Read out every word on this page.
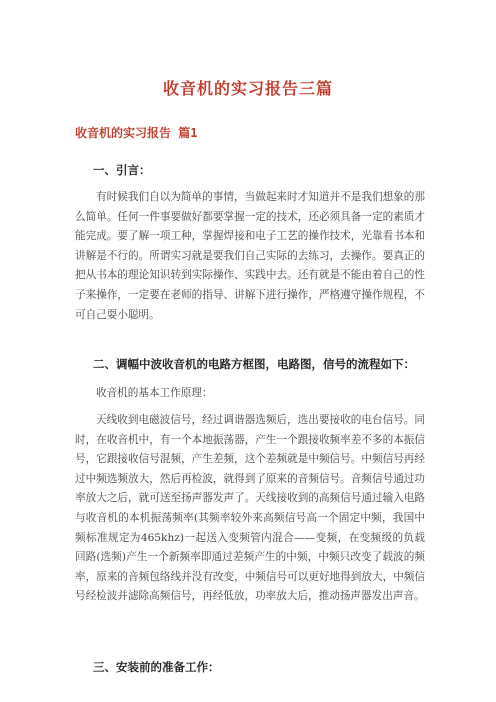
收音机的实习报告三篇
收音机的实习报告 篇1
一、引言：
有时候我们自以为简单的事情，当做起来时才知道并不是我们想象的那么简单。任何一件事要做好都要掌握一定的技术，还必须具备一定的素质才能完成。要了解一项工种，掌握焊接和电子工艺的操作技术，光靠看书本和讲解是不行的。所谓实习就是要我们自己实际的去练习，去操作。要真正的把从书本的理论知识转到实际操作、实践中去。还有就是不能由着自己的性子来操作，一定要在老师的指导、讲解下进行操作，严格遵守操作规程，不可自己耍小聪明。
二、调幅中波收音机的电路方框图，电路图，信号的流程如下：
收音机的基本工作原理：
天线收到电磁波信号，经过调谐器选频后，选出要接收的电台信号。同时，在收音机中，有一个本地振荡器，产生一个跟接收频率差不多的本振信号，它跟接收信号混频，产生差频，这个差频就是中频信号。中频信号再经过中频选频放大，然后再检波，就得到了原来的音频信号。音频信号通过功率放大之后，就可送至扬声器发声了。天线接收到的高频信号通过输入电路与收音机的本机振荡频率(其频率较外来高频信号高一个固定中频，我国中频标准规定为465khz)一起送入变频管内混合——变频，在变频级的负载回路(选频)产生一个新频率即通过差频产生的中频，中频只改变了载波的频率，原来的音频包络线并没有改变，中频信号可以更好地得到放大，中频信号经检波并滤除高频信号，再经低放，功率放大后，推动扬声器发出声音。
三、安装前的准备工作：
